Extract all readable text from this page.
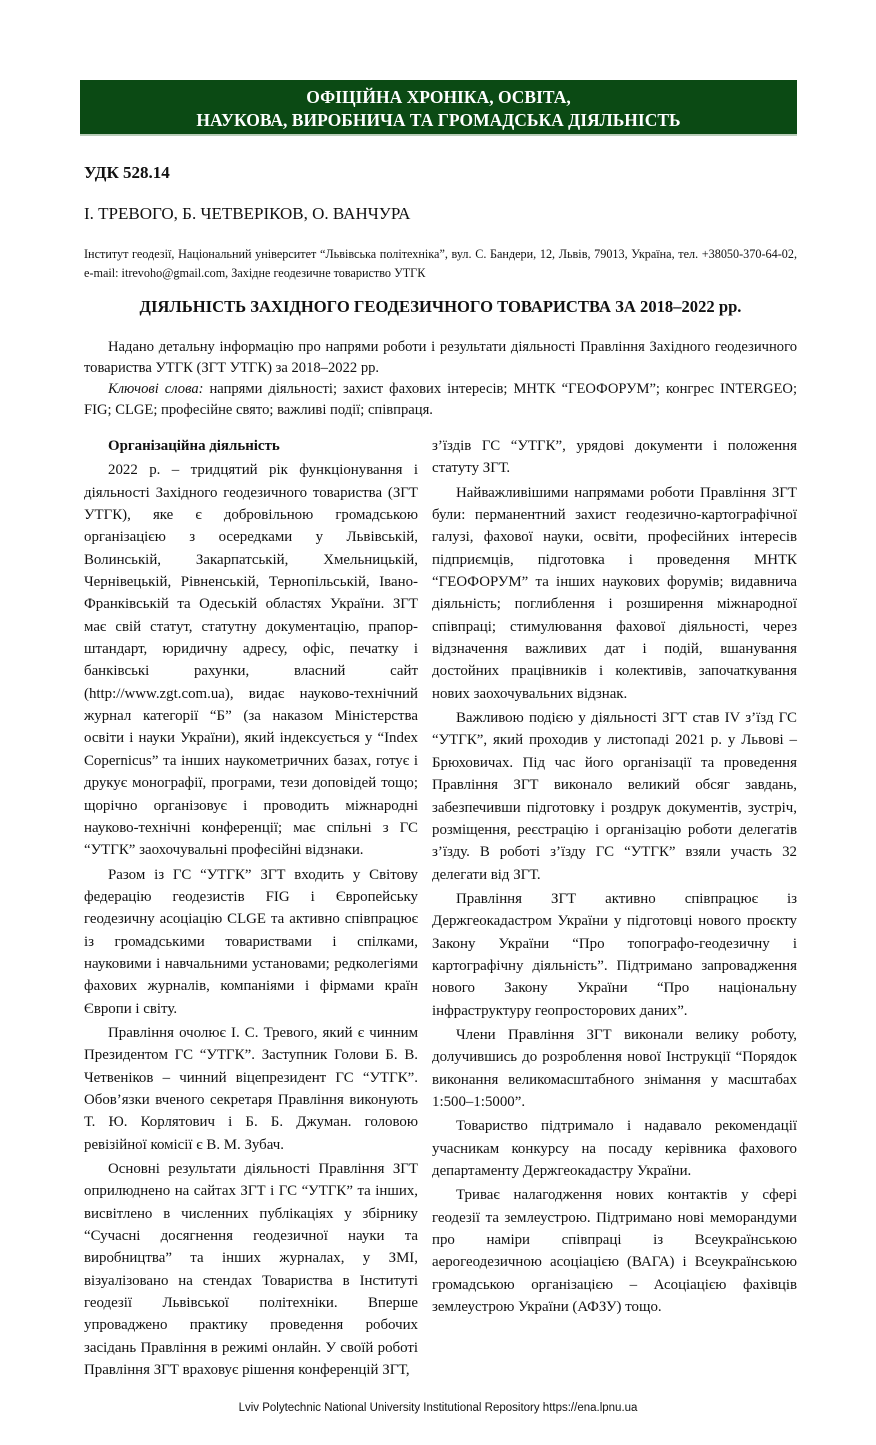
ОФІЦІЙНА ХРОНІКА, ОСВІТА,
НАУКОВА, ВИРОБНИЧА ТА ГРОМАДСЬКА ДІЯЛЬНІСТЬ
УДК 528.14
І. ТРЕВОГО, Б. ЧЕТВЕРІКОВ, О. ВАНЧУРА
Інститут геодезії, Національний університет “Львівська політехніка”, вул. С. Бандери, 12, Львів, 79013, Україна, тел. +38050-370-64-02, e-mail: itrevoho@gmail.com, Західне геодезичне товариство УТГК
ДІЯЛЬНІСТЬ ЗАХІДНОГО ГЕОДЕЗИЧНОГО ТОВАРИСТВА ЗА 2018–2022 рр.

Надано детальну інформацію про напрями роботи і результати діяльності Правління Західного геодезичного товариства УТГК (ЗГТ УТГК) за 2018–2022 рр.

Ключові слова: напрями діяльності; захист фахових інтересів; МНТК “ГЕОФОРУМ”; конгрес INTERGEO; FIG; CLGE; професійне свято; важливі події; співпраця.

Організаційна діяльність

2022 р. – тридцятий рік функціонування і діяльності Західного геодезичного товариства (ЗГТ УТГК), яке є добровільною громадською організацією з осередками у Львівській, Волинській, Закарпатській, Хмельницькій, Чернівецькій, Рівненській, Тернопільській, Івано-Франківській та Одеській областях України. ЗГТ має свій статут, статутну документацію, прапор-штандарт, юридичну адресу, офіс, печатку і банківські рахунки, власний сайт (http://www.zgt.com.ua), видає науково-технічний журнал категорії “Б” (за наказом Міністерства освіти і науки України), який індексується у “Index Copernicus” та інших наукометричних базах, готує і друкує монографії, програми, тези доповідей тощо; щорічно організовує і проводить міжнародні науково-технічні конференції; має спільні з ГС “УТГК” заохочувальні професійні відзнаки.

Разом із ГС “УТГК” ЗГТ входить у Світову федерацію геодезистів FIG і Європейську геодезичну асоціацію CLGE та активно співпрацює із громадськими товариствами і спілками, науковими і навчальними установами; редколегіями фахових журналів, компаніями і фірмами країн Європи і світу.

Правління очолює І. С. Тревого, який є чинним Президентом ГС “УТГК”. Заступник Голови Б. В. Четвеніков – чинний віцепрезидент ГС “УТГК”. Обов’язки вченого секретаря Правління виконують Т. Ю. Корлятович і Б. Б. Джуман. головою ревізійної комісії є В. М. Зубач.

Основні результати діяльності Правління ЗГТ оприлюднено на сайтах ЗГТ і ГС “УТГК” та інших, висвітлено в численних публікаціях у збірнику “Сучасні досягнення геодезичної науки та виробництва” та інших журналах, у ЗМІ, візуалізовано на стендах Товариства в Інституті геодезії Львівської політехніки. Вперше упроваджено практику проведення робочих засідань Правління в режимі онлайн. У своїй роботі Правління ЗГТ враховує рішення конференцій ЗГТ,

з’їздів ГС “УТГК”, урядові документи і положення статуту ЗГТ.

Найважливішими напрямами роботи Правління ЗГТ були: перманентний захист геодезично-картографічної галузі, фахової науки, освіти, професійних інтересів підприємців, підготовка і проведення МНТК “ГЕОФОРУМ” та інших наукових форумів; видавнича діяльність; поглиблення і розширення міжнародної співпраці; стимулювання фахової діяльності, через відзначення важливих дат і подій, вшанування достойних працівників і колективів, започаткування нових заохочувальних відзнак.

Важливою подією у діяльності ЗГТ став IV з’їзд ГС “УТГК”, який проходив у листопаді 2021 р. у Львові – Брюховичах. Під час його організації та проведення Правління ЗГТ виконало великий обсяг завдань, забезпечивши підготовку і роздрук документів, зустріч, розміщення, реєстрацію і організацію роботи делегатів з’їзду. В роботі з’їзду ГС “УТГК” взяли участь 32 делегати від ЗГТ.

Правління ЗГТ активно співпрацює із Держгеокадастром України у підготовці нового проєкту Закону України “Про топографо-геодезичну і картографічну діяльність”. Підтримано запровадження нового Закону України “Про національну інфраструктуру геопросторових даних”.

Члени Правління ЗГТ виконали велику роботу, долучившись до розроблення нової Інструкції “Порядок виконання великомасштабного знімання у масштабах 1:500–1:5000”.

Товариство підтримало і надавало рекомендації учасникам конкурсу на посаду керівника фахового департаменту Держгеокадастру України.

Триває налагодження нових контактів у сфері геодезії та землеустрою. Підтримано нові меморандуми про наміри співпраці із Всеукраїнською аерогеодезичною асоціацією (ВАГА) і Всеукраїнською громадською організацією – Асоціацією фахівців землеустрою України (АФЗУ) тощо.

Lviv Polytechnic National University Institutional Repository https://ena.lpnu.ua
